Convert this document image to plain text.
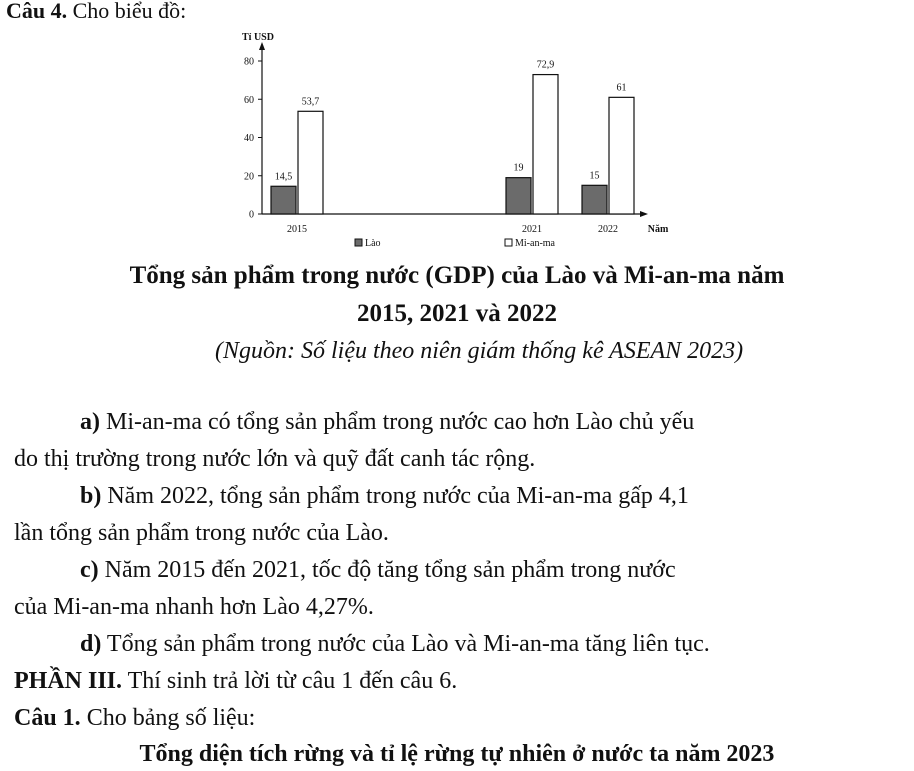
Câu 4. Cho biểu đồ:
Tỉ USD
Năm
0
20
40
60
80
14,5
53,7
2015
19
72,9
2021
15
61
2022
Lào	Mi-an-ma
Tổng sản phẩm trong nước (GDP) của Lào và Mi-an-ma năm
2015, 2021 và 2022
(Nguồn: Số liệu theo niên giám thống kê ASEAN 2023)
a) Mi-an-ma có tổng sản phẩm trong nước cao hơn Lào chủ yếu
do thị trường trong nước lớn và quỹ đất canh tác rộng.
b) Năm 2022, tổng sản phẩm trong nước của Mi-an-ma gấp 4,1
lần tổng sản phẩm trong nước của Lào.
c) Năm 2015 đến 2021, tốc độ tăng tổng sản phẩm trong nước
của Mi-an-ma nhanh hơn Lào 4,27%.
d) Tổng sản phẩm trong nước của Lào và Mi-an-ma tăng liên tục.
PHẦN III. Thí sinh trả lời từ câu 1 đến câu 6.
Câu 1. Cho bảng số liệu:
Tổng diện tích rừng và tỉ lệ rừng tự nhiên ở nước ta năm 2023
